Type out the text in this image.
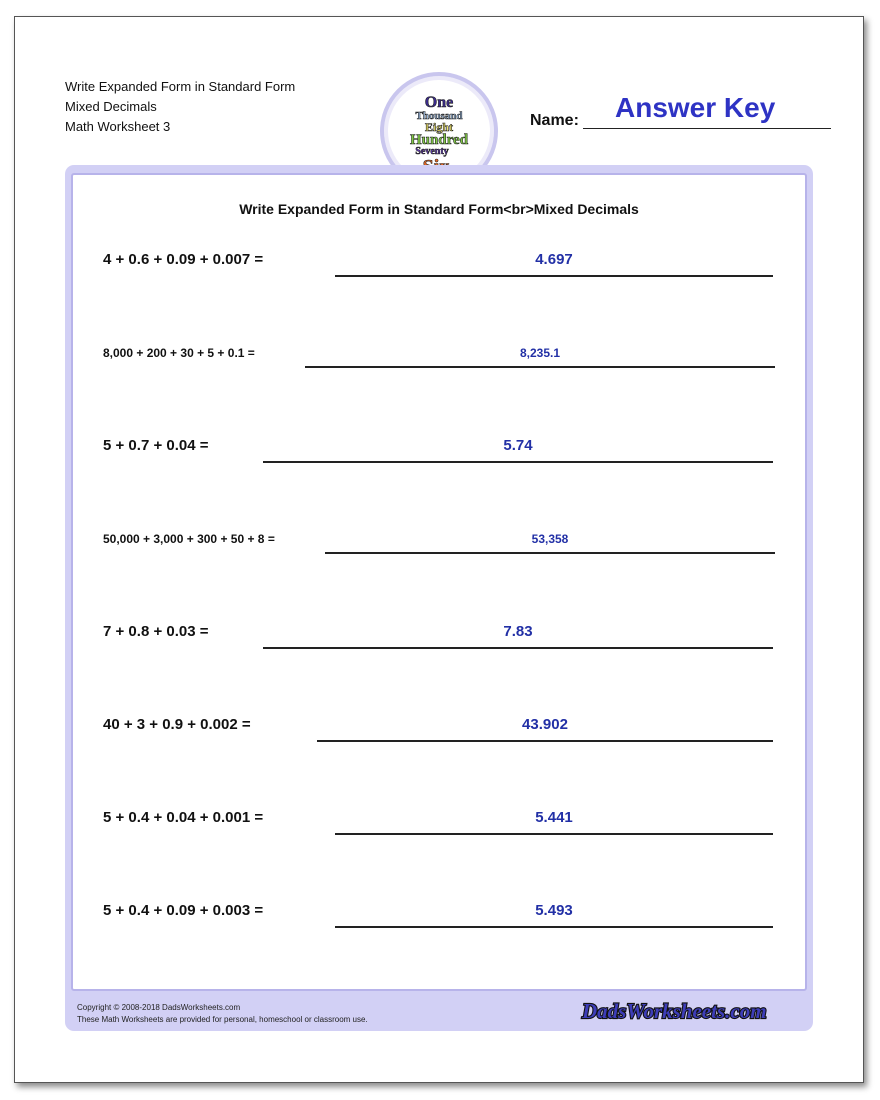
Write Expanded Form in Standard Form
Mixed Decimals
Math Worksheet 3
One
Thousand
Eight
Hundred
Seventy
Name: Answer Key
Write Expanded Form in Standard Form<br>Mixed Decimals
4 + 0.6 + 0.09 + 0.007 =	4.697
8,000 + 200 + 30 + 5 + 0.1 =	8,235.1
5 + 0.7 + 0.04 =	5.74
50,000 + 3,000 + 300 + 50 + 8 =	53,358
7 + 0.8 + 0.03 =	7.83
40 + 3 + 0.9 + 0.002 =	43.902
5 + 0.4 + 0.04 + 0.001 =	5.441
5 + 0.4 + 0.09 + 0.003 =	5.493
Copyright © 2008-2018 DadsWorksheets.com
These Math Worksheets are provided for personal, homeschool or classroom use.	DadsWorksheets.com
